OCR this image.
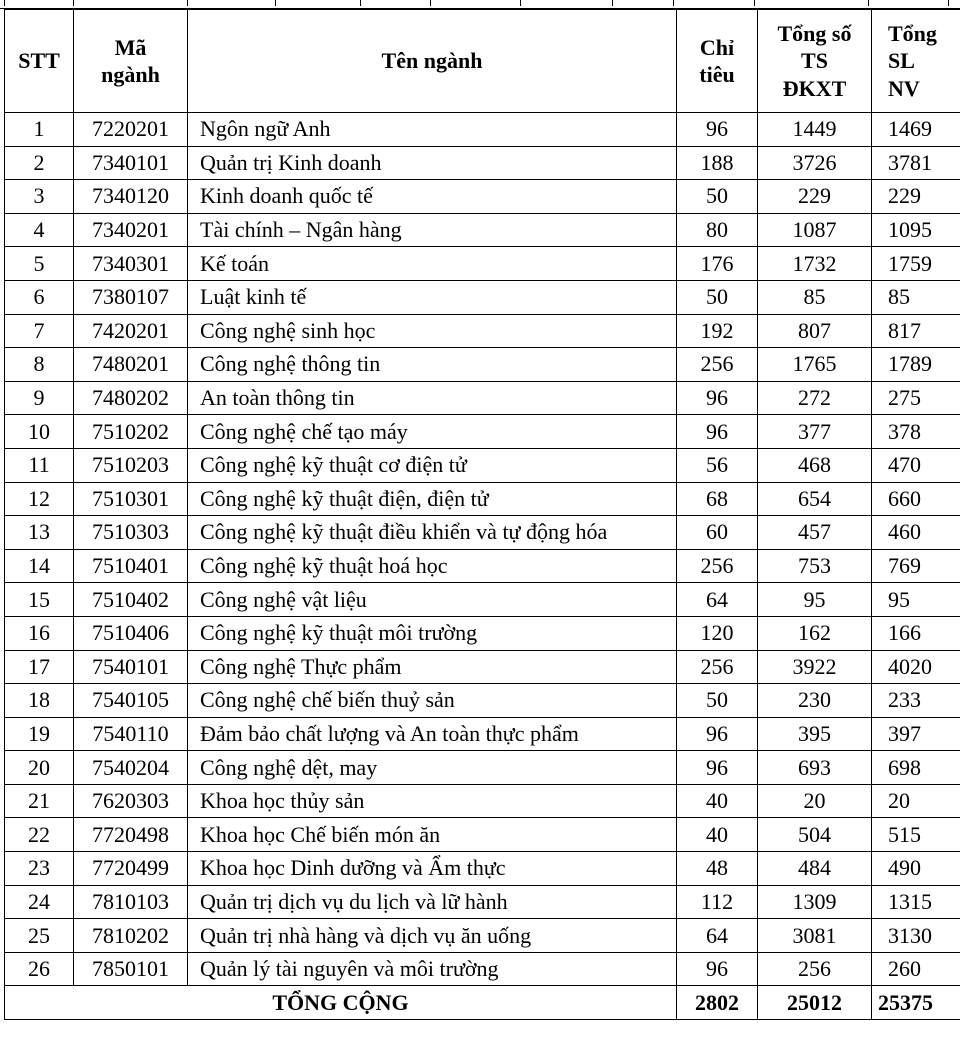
STT	Mã ngành	Tên ngành	Chỉ tiêu	Tổng số TS ĐKXT	Tổng SL NV

1	7220201	Ngôn ngữ Anh	96	1449	1469
2	7340101	Quản trị Kinh doanh	188	3726	3781
3	7340120	Kinh doanh quốc tế	50	229	229
4	7340201	Tài chính – Ngân hàng	80	1087	1095
5	7340301	Kế toán	176	1732	1759
6	7380107	Luật kinh tế	50	85	85
7	7420201	Công nghệ sinh học	192	807	817
8	7480201	Công nghệ thông tin	256	1765	1789
9	7480202	An toàn thông tin	96	272	275
10	7510202	Công nghệ chế tạo máy	96	377	378
11	7510203	Công nghệ kỹ thuật cơ điện tử	56	468	470
12	7510301	Công nghệ kỹ thuật điện, điện tử	68	654	660
13	7510303	Công nghệ kỹ thuật điều khiển và tự động hóa	60	457	460
14	7510401	Công nghệ kỹ thuật hoá học	256	753	769
15	7510402	Công nghệ vật liệu	64	95	95
16	7510406	Công nghệ kỹ thuật môi trường	120	162	166
17	7540101	Công nghệ Thực phẩm	256	3922	4020
18	7540105	Công nghệ chế biến thuỷ sản	50	230	233
19	7540110	Đảm bảo chất lượng và An toàn thực phẩm	96	395	397
20	7540204	Công nghệ dệt, may	96	693	698
21	7620303	Khoa học thủy sản	40	20	20
22	7720498	Khoa học Chế biến món ăn	40	504	515
23	7720499	Khoa học Dinh dưỡng và Ẩm thực	48	484	490
24	7810103	Quản trị dịch vụ du lịch và lữ hành	112	1309	1315
25	7810202	Quản trị nhà hàng và dịch vụ ăn uống	64	3081	3130
26	7850101	Quản lý tài nguyên và môi trường	96	256	260
TỔNG CỘNG			2802	25012	25375
